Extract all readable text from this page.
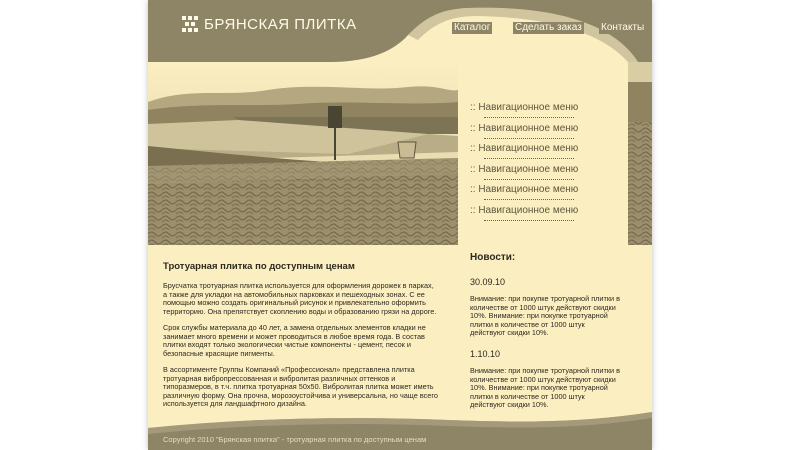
БРЯНСКАЯ ПЛИТКА	Каталог Сделать заказ Контакты
:: Навигационное меню
:: Навигационное меню
:: Навигационное меню
:: Навигационное меню
:: Навигационное меню
:: Навигационное меню
Новости:
30.09.10
Внимание: при покупке тротуарной плитки в количестве от 1000 штук действуют скидки 10%. Внимание: при покупке тротуарной плитки в количестве от 1000 штук действуют скидки 10%.
1.10.10
Внимание: при покупке тротуарной плитки в количестве от 1000 штук действуют скидки 10%. Внимание: при покупке тротуарной плитки в количестве от 1000 штук действуют скидки 10%.
Тротуарная плитка по доступным ценам

Брусчатка тротуарная плитка используется для оформления дорожек в парках, а также для укладки на автомобильных парковках и пешеходных зонах. С ее помощью можно создать оригинальный рисунок и привлекательно оформить территорию. Она препятствует скоплению воды и образованию грязи на дороге.

Срок службы материала до 40 лет, а замена отдельных элементов кладки не занимает много времени и может проводиться в любое время года. В состав плитки входят только экологически чистые компоненты - цемент, песок и безопасные красящие пигменты.

В ассортименте Группы Компаний «Профессионал» представлена плитка тротуарная вибропрессованная и вибролитая различных оттенков и типоразмеров, в т.ч. плитка тротуарная 50х50. Вибролитая плитка может иметь различную форму. Она прочна, морозоустойчива и универсальна, но чаще всего используется для ландшафтного дизайна.

Copyright 2010 "Брянская плитка" - тротуарная плитка по доступным ценам
